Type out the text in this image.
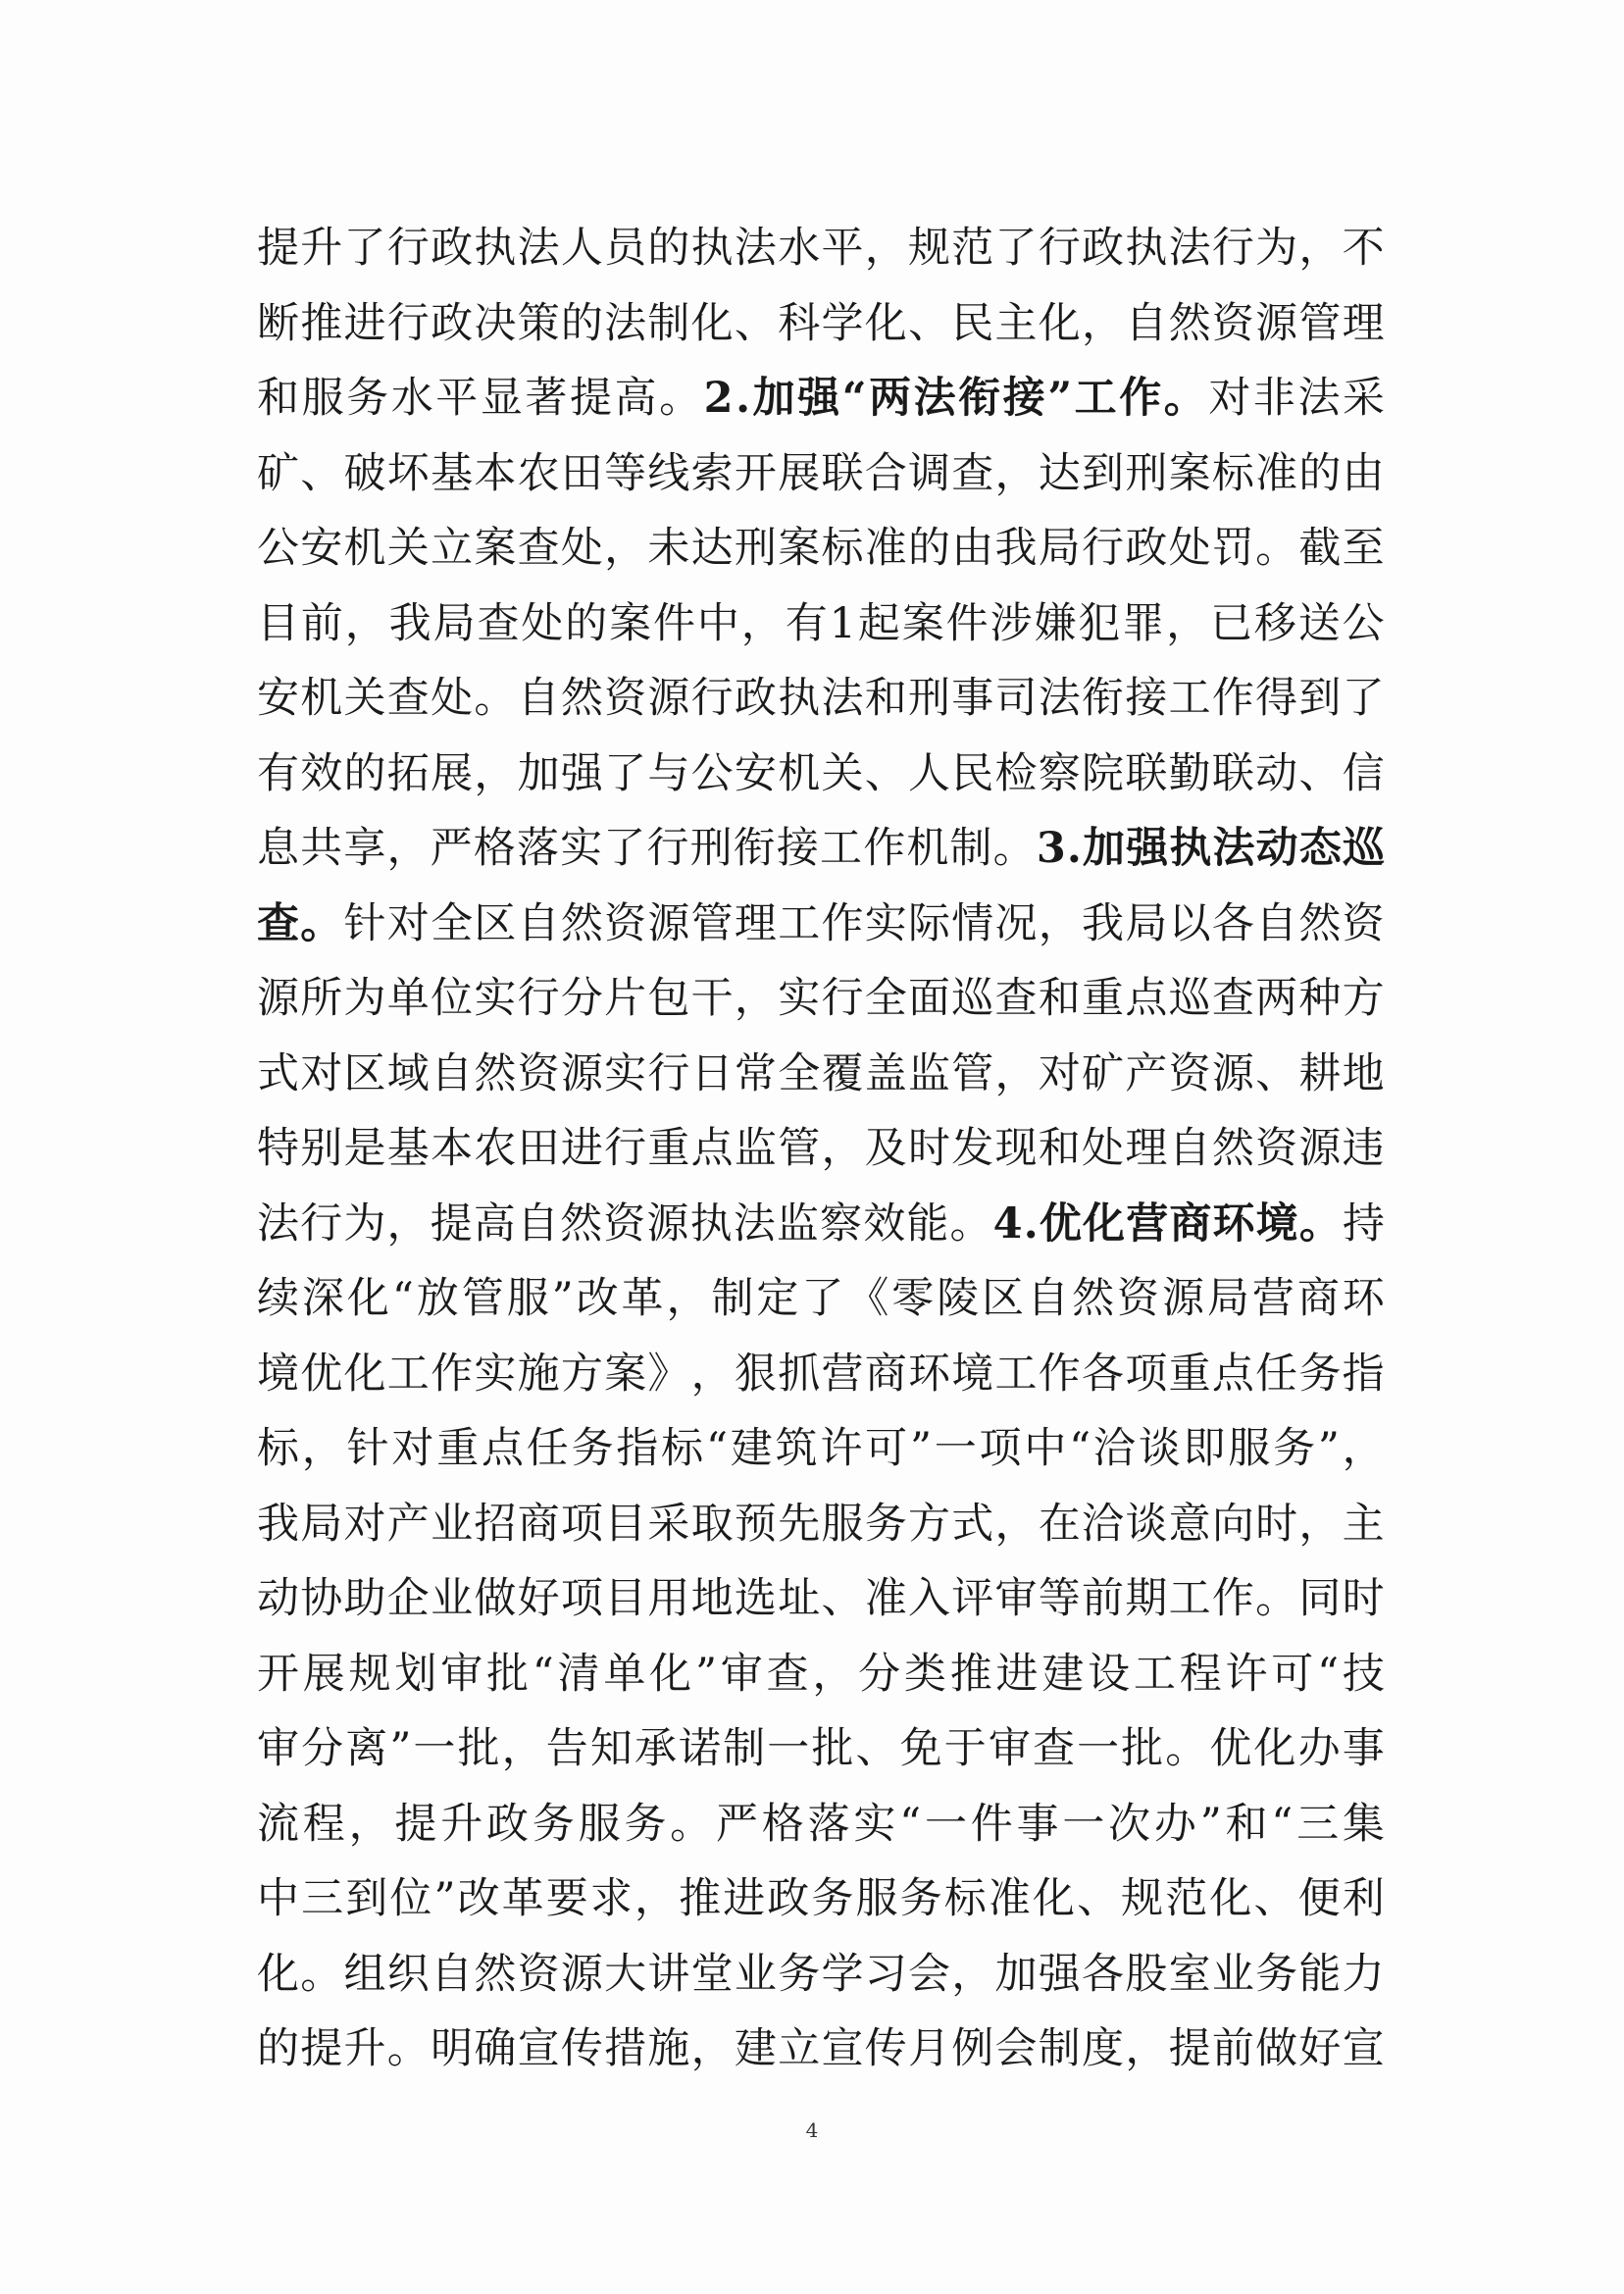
提 升 了 行 政 执 法 人 员 的 执 法 水 平 ， 规 范 了 行 政 执 法 行 为 ， 不
断 推 进 行 政 决 策 的 法 制 化 、 科 学 化 、 民 主 化 ， 自 然 资 源 管 理
和 服 务 水 平 显 著 提 高 。 2 . 加 强 “ 两 法 衔 接 ” 工 作 。 对 非 法 采
矿 、 破 坏 基 本 农 田 等 线 索 开 展 联 合 调 查 ， 达 到 刑 案 标 准 的 由
公 安 机 关 立 案 查 处 ， 未 达 刑 案 标 准 的 由 我 局 行 政 处 罚 。 截 至
目 前 ， 我 局 查 处 的 案 件 中 ， 有 1 起 案 件 涉 嫌 犯 罪 ， 已 移 送 公
安 机 关 查 处 。 自 然 资 源 行 政 执 法 和 刑 事 司 法 衔 接 工 作 得 到 了
有 效 的 拓 展 ， 加 强 了 与 公 安 机 关 、 人 民 检 察 院 联 勤 联 动 、 信
息 共 享 ， 严 格 落 实 了 行 刑 衔 接 工 作 机 制 。 3 . 加 强 执 法 动 态 巡
查 。 针 对 全 区 自 然 资 源 管 理 工 作 实 际 情 况 ， 我 局 以 各 自 然 资
源 所 为 单 位 实 行 分 片 包 干 ， 实 行 全 面 巡 查 和 重 点 巡 查 两 种 方
式 对 区 域 自 然 资 源 实 行 日 常 全 覆 盖 监 管 ， 对 矿 产 资 源 、 耕 地
特 别 是 基 本 农 田 进 行 重 点 监 管 ， 及 时 发 现 和 处 理 自 然 资 源 违
法 行 为 ， 提 高 自 然 资 源 执 法 监 察 效 能 。 4 . 优 化 营 商 环 境 。 持
续 深 化 “ 放 管 服 ” 改 革 ， 制 定 了 《 零 陵 区 自 然 资 源 局 营 商 环
境 优 化 工 作 实 施 方 案 》 ， 狠 抓 营 商 环 境 工 作 各 项 重 点 任 务 指
标 ， 针 对 重 点 任 务 指 标 “ 建 筑 许 可 ” 一 项 中 “ 洽 谈 即 服 务 ” ，
我 局 对 产 业 招 商 项 目 采 取 预 先 服 务 方 式 ， 在 洽 谈 意 向 时 ， 主
动 协 助 企 业 做 好 项 目 用 地 选 址 、 准 入 评 审 等 前 期 工 作 。 同 时
开 展 规 划 审 批 “ 清 单 化 ” 审 查 ， 分 类 推 进 建 设 工 程 许 可 “ 技
审 分 离 ” 一 批 ， 告 知 承 诺 制 一 批 、 免 于 审 查 一 批 。 优 化 办 事
流 程 ， 提 升 政 务 服 务 。 严 格 落 实 “ 一 件 事 一 次 办 ” 和 “ 三 集
中 三 到 位 ” 改 革 要 求 ， 推 进 政 务 服 务 标 准 化 、 规 范 化 、 便 利
化 。 组 织 自 然 资 源 大 讲 堂 业 务 学 习 会 ， 加 强 各 股 室 业 务 能 力
的 提 升 。 明 确 宣 传 措 施 ， 建 立 宣 传 月 例 会 制 度 ， 提 前 做 好 宣
4
